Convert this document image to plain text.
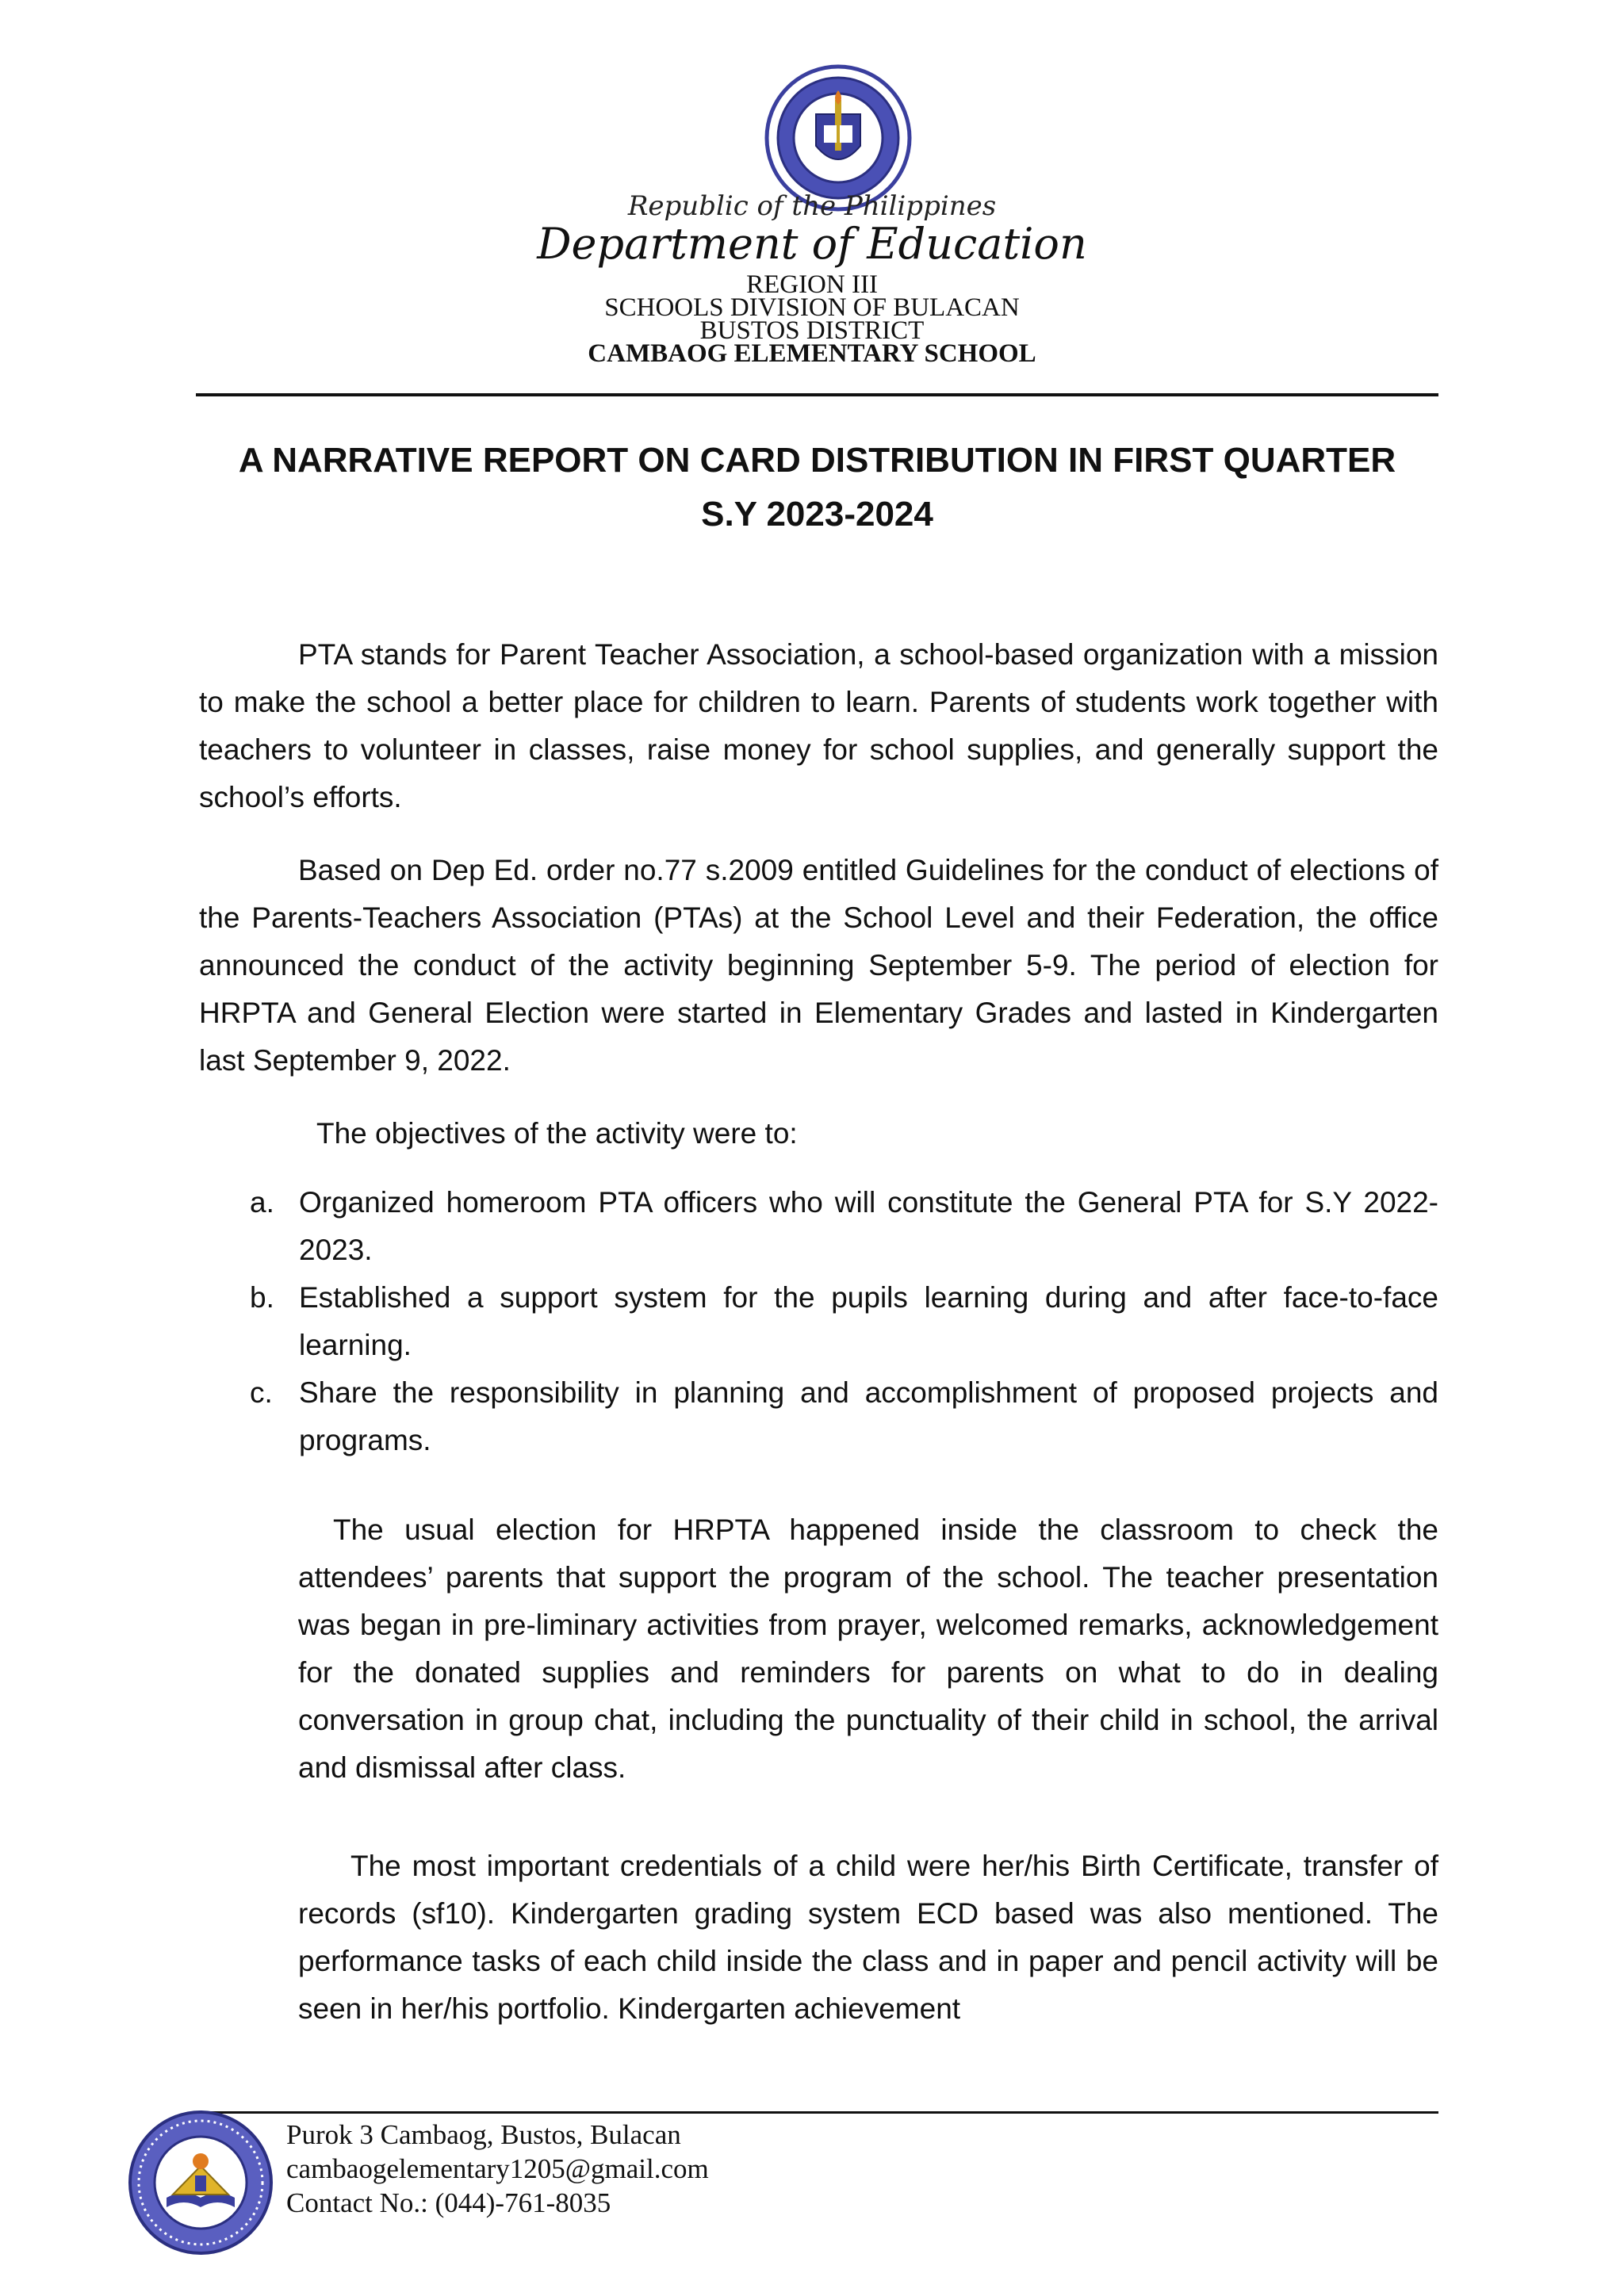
Republic of the Philippines
Department of Education
REGION III
SCHOOLS DIVISION OF BULACAN
BUSTOS DISTRICT
CAMBAOG ELEMENTARY SCHOOL
A NARRATIVE REPORT ON CARD DISTRIBUTION IN FIRST QUARTER
S.Y 2023-2024

PTA stands for Parent Teacher Association, a school-based organization with a mission to make the school a better place for children to learn. Parents of students work together with teachers to volunteer in classes, raise money for school supplies, and generally support the school’s efforts.

Based on Dep Ed. order no.77 s.2009 entitled Guidelines for the conduct of elections of the Parents-Teachers Association (PTAs) at the School Level and their Federation, the office announced the conduct of the activity beginning September 5-9. The period of election for HRPTA and General Election were started in Elementary Grades and lasted in Kindergarten last September 9, 2022.

The objectives of the activity were to:

a. Organized homeroom PTA officers who will constitute the General PTA for S.Y 2022-2023.
b. Established a support system for the pupils learning during and after face-to-face learning.
c. Share the responsibility in planning and accomplishment of proposed projects and programs.

The usual election for HRPTA happened inside the classroom to check the attendees’ parents that support the program of the school. The teacher presentation was began in pre-liminary activities from prayer, welcomed remarks, acknowledgement for the donated supplies and reminders for parents on what to do in dealing conversation in group chat, including the punctuality of their child in school, the arrival and dismissal after class.

The most important credentials of a child were her/his Birth Certificate, transfer of records (sf10). Kindergarten grading system ECD based was also mentioned. The performance tasks of each child inside the class and in paper and pencil activity will be seen in her/his portfolio. Kindergarten achievement

Purok 3 Cambaog, Bustos, Bulacan
cambaogelementary1205@gmail.com
Contact No.: (044)-761-8035
